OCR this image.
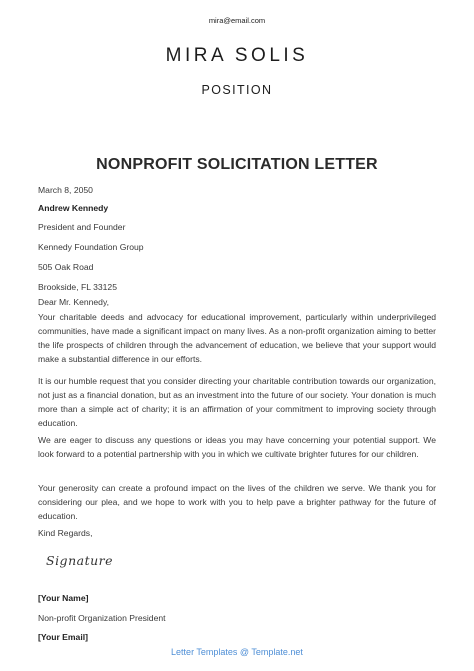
mira@email.com
MIRA SOLIS
POSITION
NONPROFIT SOLICITATION LETTER
March 8, 2050
Andrew Kennedy
President and Founder
Kennedy Foundation Group
505 Oak Road
Brookside, FL 33125
Dear Mr. Kennedy,
Your charitable deeds and advocacy for educational improvement, particularly within underprivileged communities, have made a significant impact on many lives. As a non-profit organization aiming to better the life prospects of children through the advancement of education, we believe that your support would make a substantial difference in our efforts.
It is our humble request that you consider directing your charitable contribution towards our organization, not just as a financial donation, but as an investment into the future of our society. Your donation is much more than a simple act of charity; it is an affirmation of your commitment to improving society through education.
We are eager to discuss any questions or ideas you may have concerning your potential support. We look forward to a potential partnership with you in which we cultivate brighter futures for our children.
Your generosity can create a profound impact on the lives of the children we serve. We thank you for considering our plea, and we hope to work with you to help pave a brighter pathway for the future of education.
Kind Regards,
Signature
[Your Name]
Non-profit Organization President
[Your Email]
Letter Templates @ Template.net
